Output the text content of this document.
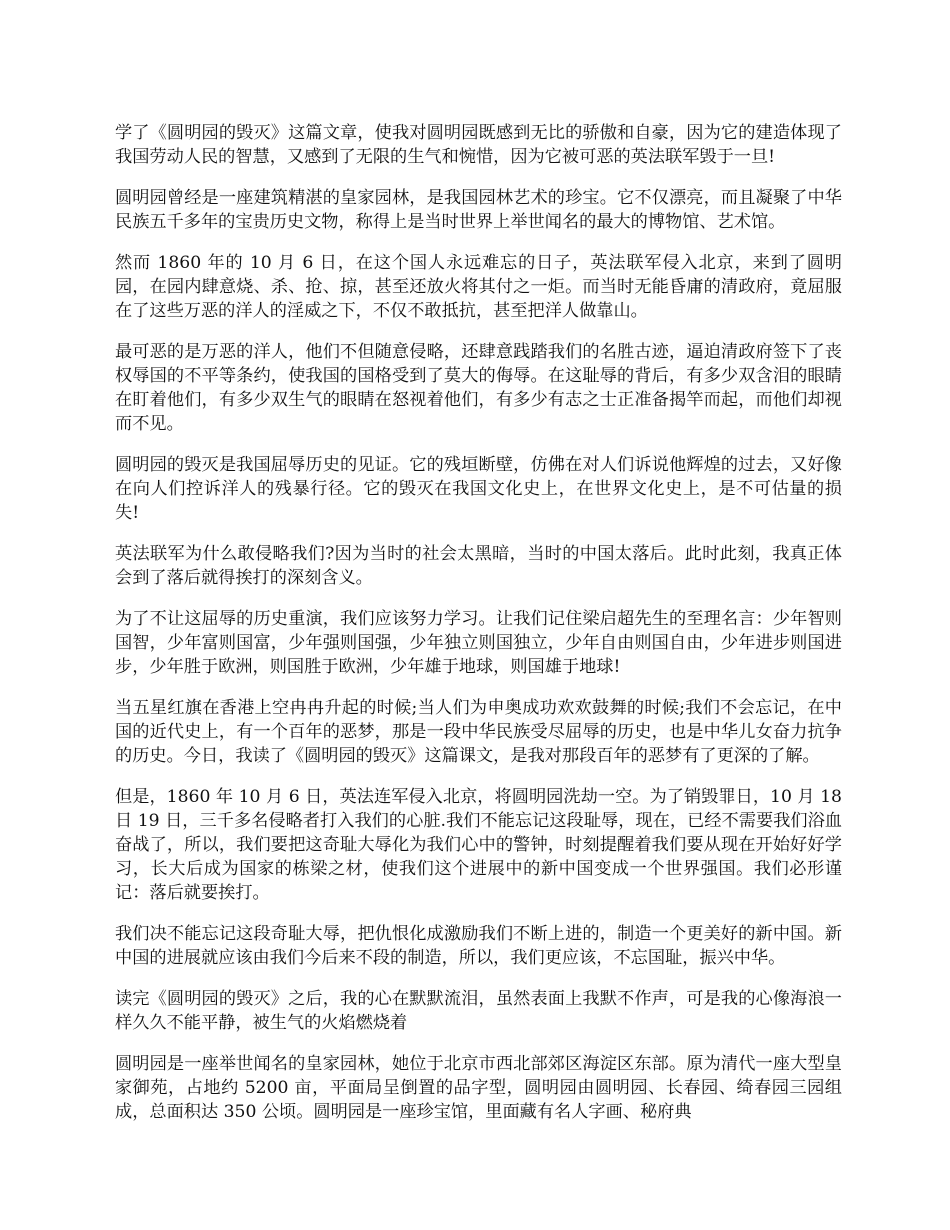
学了《圆明园的毁灭》这篇文章，使我对圆明园既感到无比的骄傲和自豪，因为它的建造体现了我国劳动人民的智慧，又感到了无限的生气和惋惜，因为它被可恶的英法联军毁于一旦!

圆明园曾经是一座建筑精湛的皇家园林，是我国园林艺术的珍宝。它不仅漂亮，而且凝聚了中华民族五千多年的宝贵历史文物，称得上是当时世界上举世闻名的最大的博物馆、艺术馆。

然而 1860 年的 10 月 6 日，在这个国人永远难忘的日子，英法联军侵入北京，来到了圆明园，在园内肆意烧、杀、抢、掠，甚至还放火将其付之一炬。而当时无能昏庸的清政府，竟屈服在了这些万恶的洋人的淫威之下，不仅不敢抵抗，甚至把洋人做靠山。

最可恶的是万恶的洋人，他们不但随意侵略，还肆意践踏我们的名胜古迹，逼迫清政府签下了丧权辱国的不平等条约，使我国的国格受到了莫大的侮辱。在这耻辱的背后，有多少双含泪的眼睛在盯着他们，有多少双生气的眼睛在怒视着他们，有多少有志之士正准备揭竿而起，而他们却视而不见。

圆明园的毁灭是我国屈辱历史的见证。它的残垣断壁，仿佛在对人们诉说他辉煌的过去，又好像在向人们控诉洋人的残暴行径。它的毁灭在我国文化史上，在世界文化史上，是不可估量的损失!

英法联军为什么敢侵略我们?因为当时的社会太黑暗，当时的中国太落后。此时此刻，我真正体会到了落后就得挨打的深刻含义。

为了不让这屈辱的历史重演，我们应该努力学习。让我们记住梁启超先生的至理名言：少年智则国智，少年富则国富，少年强则国强，少年独立则国独立，少年自由则国自由，少年进步则国进步，少年胜于欧洲，则国胜于欧洲，少年雄于地球，则国雄于地球!

当五星红旗在香港上空冉冉升起的时候;当人们为申奥成功欢欢鼓舞的时候;我们不会忘记，在中国的近代史上，有一个百年的恶梦，那是一段中华民族受尽屈辱的历史，也是中华儿女奋力抗争的历史。今日，我读了《圆明园的毁灭》这篇课文，是我对那段百年的恶梦有了更深的了解。

但是，1860 年 10 月 6 日，英法连军侵入北京，将圆明园洗劫一空。为了销毁罪日，10 月 18 日 19 日，三千多名侵略者打入我们的心脏.我们不能忘记这段耻辱，现在，已经不需要我们浴血奋战了，所以，我们要把这奇耻大辱化为我们心中的警钟，时刻提醒着我们要从现在开始好好学习，长大后成为国家的栋梁之材，使我们这个进展中的新中国变成一个世界强国。我们必形谨记：落后就要挨打。

我们决不能忘记这段奇耻大辱，把仇恨化成激励我们不断上进的，制造一个更美好的新中国。新中国的进展就应该由我们今后来不段的制造，所以，我们更应该，不忘国耻，振兴中华。

读完《圆明园的毁灭》之后，我的心在默默流泪，虽然表面上我默不作声，可是我的心像海浪一样久久不能平静，被生气的火焰燃烧着

圆明园是一座举世闻名的皇家园林，她位于北京市西北部郊区海淀区东部。原为清代一座大型皇家御苑，占地约 5200 亩，平面局呈倒置的品字型，圆明园由圆明园、长春园、绮春园三园组成，总面积达 350 公顷。圆明园是一座珍宝馆，里面藏有名人字画、秘府典
